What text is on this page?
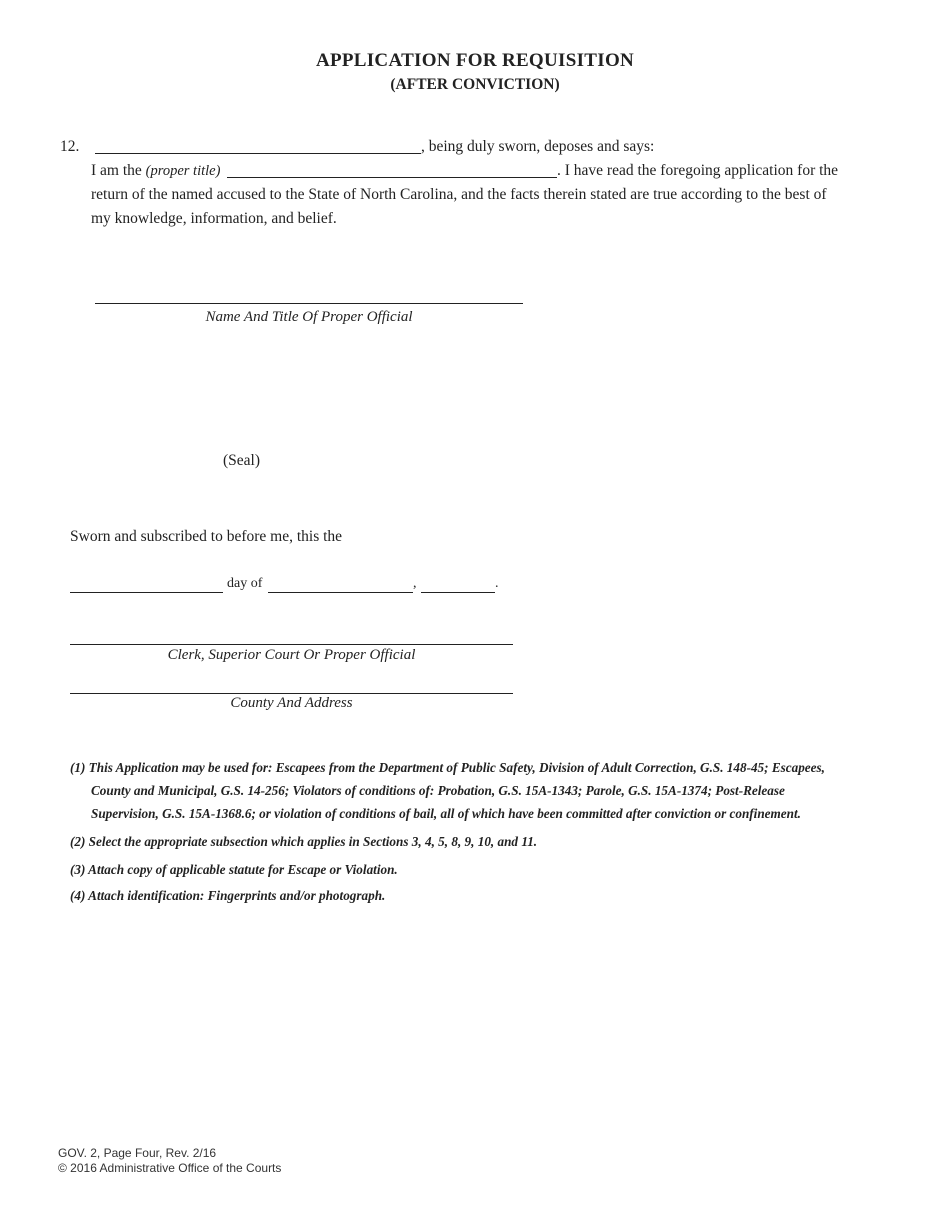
APPLICATION FOR REQUISITION
(AFTER CONVICTION)
12.	, being duly sworn, deposes and says:
I am the (proper title)	. I have read the foregoing application for the
return of the named accused to the State of North Carolina, and the facts therein stated are true according to the best of
my knowledge, information, and belief.
Name And Title Of Proper Official
(Seal)
Sworn and subscribed to before me, this the
day of	,	.
Clerk, Superior Court Or Proper Official
County And Address
(1) This Application may be used for: Escapees from the Department of Public Safety, Division of Adult Correction, G.S. 148-45; Escapees,
County and Municipal, G.S. 14-256; Violators of conditions of: Probation, G.S. 15A-1343; Parole, G.S. 15A-1374; Post-Release
Supervision, G.S. 15A-1368.6; or violation of conditions of bail, all of which have been committed after conviction or confinement.
(2) Select the appropriate subsection which applies in Sections 3, 4, 5, 8, 9, 10, and 11.
(3) Attach copy of applicable statute for Escape or Violation.
(4) Attach identification: Fingerprints and/or photograph.
GOV. 2, Page Four, Rev. 2/16
© 2016 Administrative Office of the Courts
